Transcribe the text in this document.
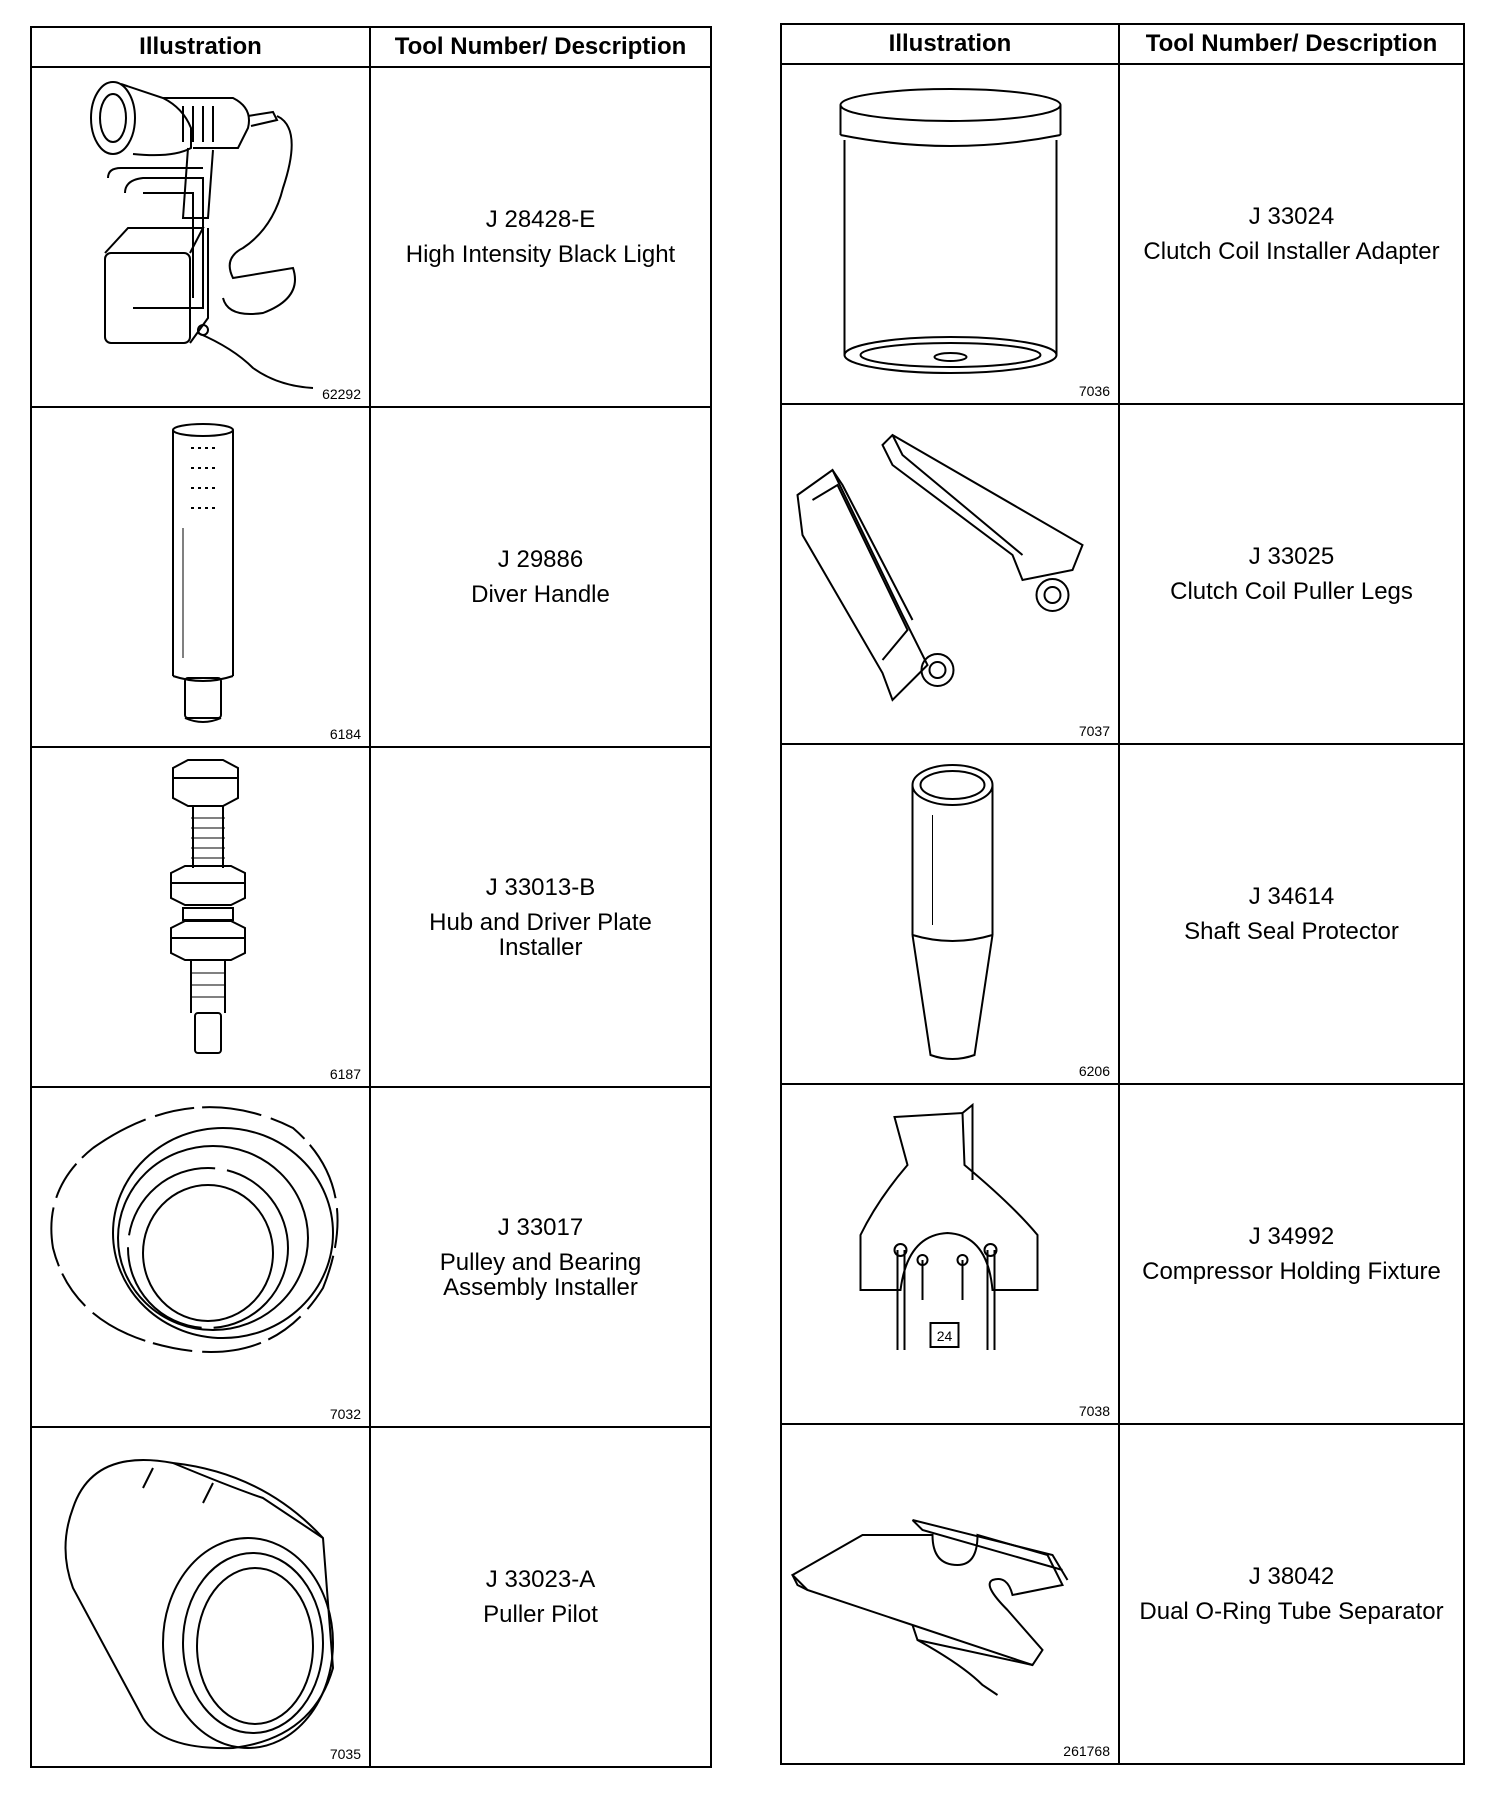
Illustration	Tool Number/ Description

62292	J 28428-E
High Intensity Black Light

6184	J 29886
Diver Handle

6187	J 33013-B
Hub and Driver Plate
Installer

7032	J 33017
Pulley and Bearing
Assembly Installer

7035	J 33023-A
Puller Pilot
Illustration	Tool Number/ Description

7036	J 33024
Clutch Coil Installer Adapter

7037	J 33025
Clutch Coil Puller Legs

6206	J 34614
Shaft Seal Protector

24
7038	J 34992
Compressor Holding Fixture

261768	J 38042
Dual O-Ring Tube Separator
